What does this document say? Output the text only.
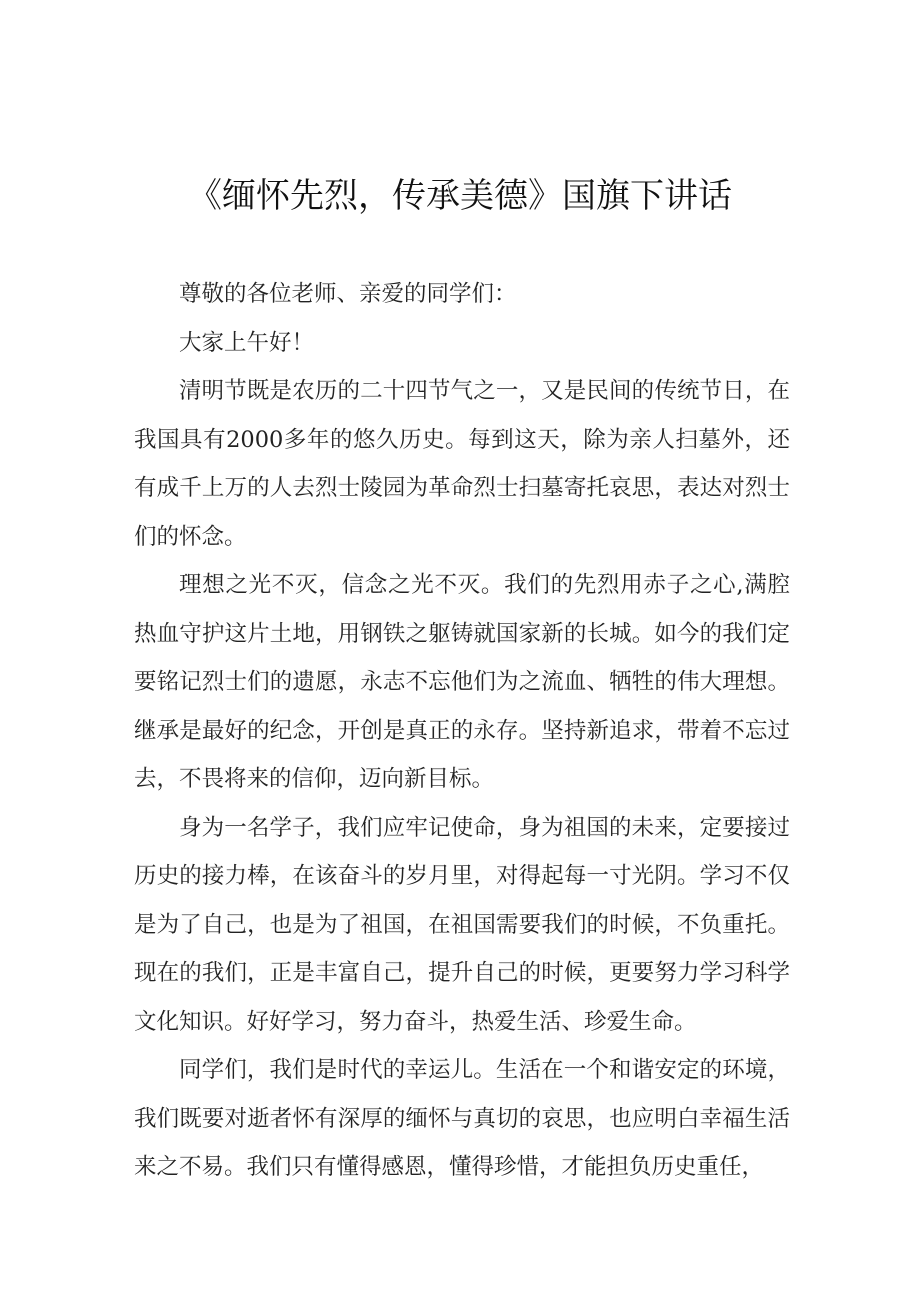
《缅怀先烈，传承美德》国旗下讲话

尊敬的各位老师、亲爱的同学们：

大家上午好！

清明节既是农历的二十四节气之一，又是民间的传统节日，在我国具有2000多年的悠久历史。每到这天，除为亲人扫墓外，还有成千上万的人去烈士陵园为革命烈士扫墓寄托哀思，表达对烈士们的怀念。

理想之光不灭，信念之光不灭。我们的先烈用赤子之心,满腔热血守护这片土地，用钢铁之躯铸就国家新的长城。如今的我们定要铭记烈士们的遗愿，永志不忘他们为之流血、牺牲的伟大理想。继承是最好的纪念，开创是真正的永存。坚持新追求，带着不忘过去，不畏将来的信仰，迈向新目标。

身为一名学子，我们应牢记使命，身为祖国的未来，定要接过历史的接力棒，在该奋斗的岁月里，对得起每一寸光阴。学习不仅是为了自己，也是为了祖国，在祖国需要我们的时候，不负重托。现在的我们，正是丰富自己，提升自己的时候，更要努力学习科学文化知识。好好学习，努力奋斗，热爱生活、珍爱生命。

同学们，我们是时代的幸运儿。生活在一个和谐安定的环境，我们既要对逝者怀有深厚的缅怀与真切的哀思，也应明白幸福生活来之不易。我们只有懂得感恩，懂得珍惜，才能担负历史重任，
